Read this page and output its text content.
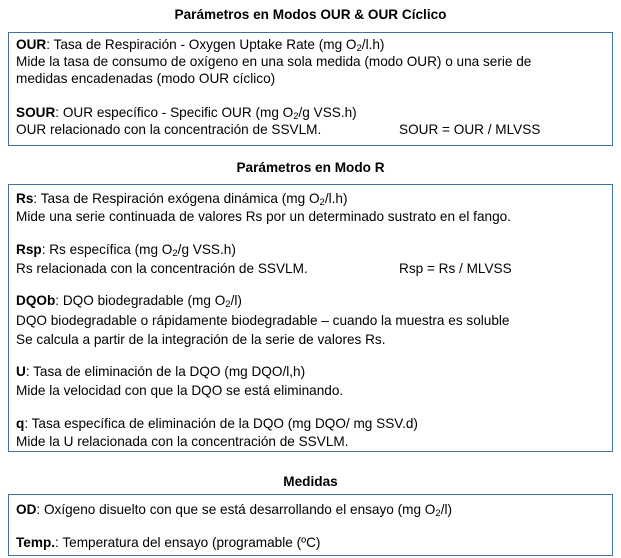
Parámetros en Modos OUR & OUR Cíclico
OUR: Tasa de Respiración - Oxygen Uptake Rate (mg $O_2/l.h$)
Mide la tasa de consumo de oxígeno en una sola medida (modo OUR) o una serie de
medidas encadenadas (modo OUR cíclico)
SOUR: OUR específico - Specific OUR (mg $O_2/g$ VSS.h)
OUR relacionado con la concentración de SSVLM.	SOUR = OUR / MLVSS
Parámetros en Modo R
Rs: Tasa de Respiración exógena dinámica (mg $O_2/l.h$)
Mide una serie continuada de valores Rs por un determinado sustrato en el fango.
Rsp: Rs específica (mg $O_2/g$ VSS.h)
Rs relacionada con la concentración de SSVLM.	Rsp = Rs / MLVSS
DQOb: DQO biodegradable (mg $O_2/l$)
DQO biodegradable o rápidamente biodegradable – cuando la muestra es soluble
Se calcula a partir de la integración de la serie de valores Rs.
U: Tasa de eliminación de la DQO (mg DQO/l,h)
Mide la velocidad con que la DQO se está eliminando.
q: Tasa específica de eliminación de la DQO (mg DQO/ mg SSV.d)
Mide la U relacionada con la concentración de SSVLM.
Medidas
OD: Oxígeno disuelto con que se está desarrollando el ensayo (mg $O_2/l$)
Temp.: Temperatura del ensayo (programable (ºC)
